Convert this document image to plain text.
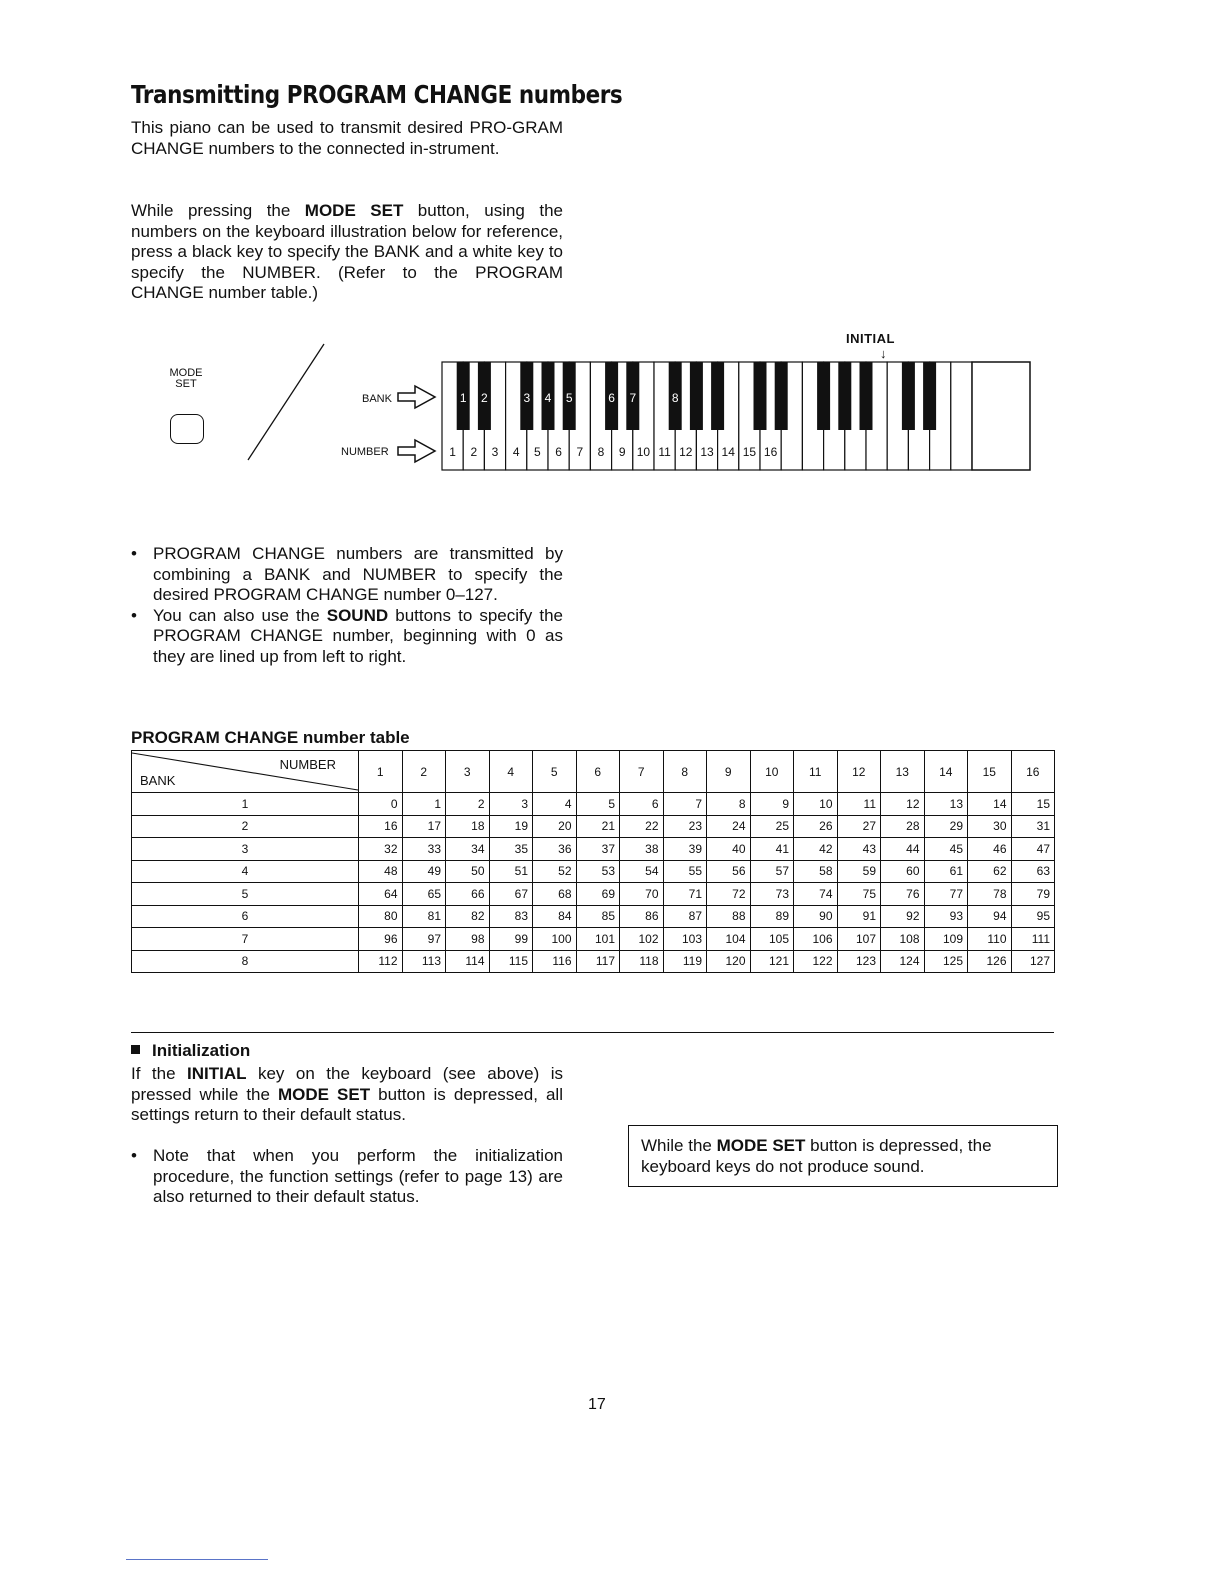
Transmitting PROGRAM CHANGE numbers
This piano can be used to transmit desired PRO-GRAM CHANGE numbers to the connected in-strument.
While pressing the MODE SET button, using the numbers on the keyboard illustration below for reference, press a black key to specify the BANK and a white key to specify the NUMBER. (Refer to the PROGRAM CHANGE number table.)
MODE
SET
INITIAL
↓
BANK
NUMBER
1 2	3 4 5	6 7	8
1 2 3 4 5 6 7 8 9 10 11 12 13 14 15 16
• PROGRAM CHANGE numbers are transmitted by combining a BANK and NUMBER to specify the desired PROGRAM CHANGE number 0–127.
• You can also use the SOUND buttons to specify the PROGRAM CHANGE number, beginning with 0 as they are lined up from left to right.
PROGRAM CHANGE number table
NUMBER
BANK	1	2	3	4	5	6	7	8	9	10	11	12	13	14	15	16
1	0	1	2	3	4	5	6	7	8	9	10	11	12	13	14	15
2	16	17	18	19	20	21	22	23	24	25	26	27	28	29	30	31
3	32	33	34	35	36	37	38	39	40	41	42	43	44	45	46	47
4	48	49	50	51	52	53	54	55	56	57	58	59	60	61	62	63
5	64	65	66	67	68	69	70	71	72	73	74	75	76	77	78	79
6	80	81	82	83	84	85	86	87	88	89	90	91	92	93	94	95
7	96	97	98	99	100	101	102	103	104	105	106	107	108	109	110	111
8	112	113	114	115	116	117	118	119	120	121	122	123	124	125	126	127
Initialization
If the INITIAL key on the keyboard (see above) is pressed while the MODE SET button is depressed, all settings return to their default status.
• Note that when you perform the initialization procedure, the function settings (refer to page 13) are also returned to their default status.
While the MODE SET button is depressed, the keyboard keys do not produce sound.
17
